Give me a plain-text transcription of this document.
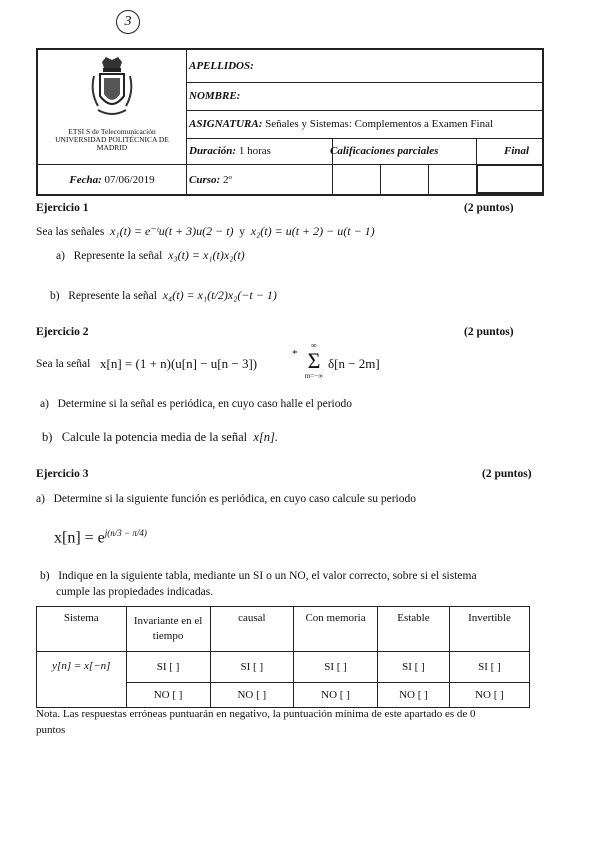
3
ETSI S de Telecomunicación
UNIVERSIDAD POLITÉCNICA DE
MADRID
APELLIDOS:
NOMBRE:
ASIGNATURA: Señales y Sistemas: Complementos a Examen Final
Duración: 1 horas	Calificaciones parciales	Final
Fecha: 07/06/2019	Curso: 2º
Ejercicio 1	(2 puntos)
Sea las señales x₁(t) = e⁻ᵗu(t + 3)u(2 − t) y x₂(t) = u(t + 2) − u(t − 1)
a) Represente la señal x₃(t) = x₁(t)x₂(t)
b) Represente la señal x₄(t) = x₁(t/2)x₂(−t − 1)
Ejercicio 2	(2 puntos)
Sea la señal x[n] = (1 + n)(u[n] − u[n − 3])
*
∞
Σ
m=−∞
δ[n − 2m]
a) Determine si la señal es periódica, en cuyo caso halle el periodo
b) Calcule la potencia media de la señal x[n].
Ejercicio 3	(2 puntos)
a) Determine si la siguiente función es periódica, en cuyo caso calcule su periodo
$x[n] = e^{j(n/3 - \pi/4)}$
b) Indique en la siguiente tabla, mediante un SI o un NO, el valor correcto, sobre si el sistema
cumple las propiedades indicadas.
Sistema	Invariante en el tiempo	causal	Con memoria	Estable	Invertible
y[n] = x[−n]	SI [ ]	SI [ ]	SI [ ]	SI [ ]	SI [ ]
	NO [ ]	NO [ ]	NO [ ]	NO [ ]	NO [ ]
Nota. Las respuestas erróneas puntuarán en negativo, la puntuación mínima de este apartado es de 0
puntos
